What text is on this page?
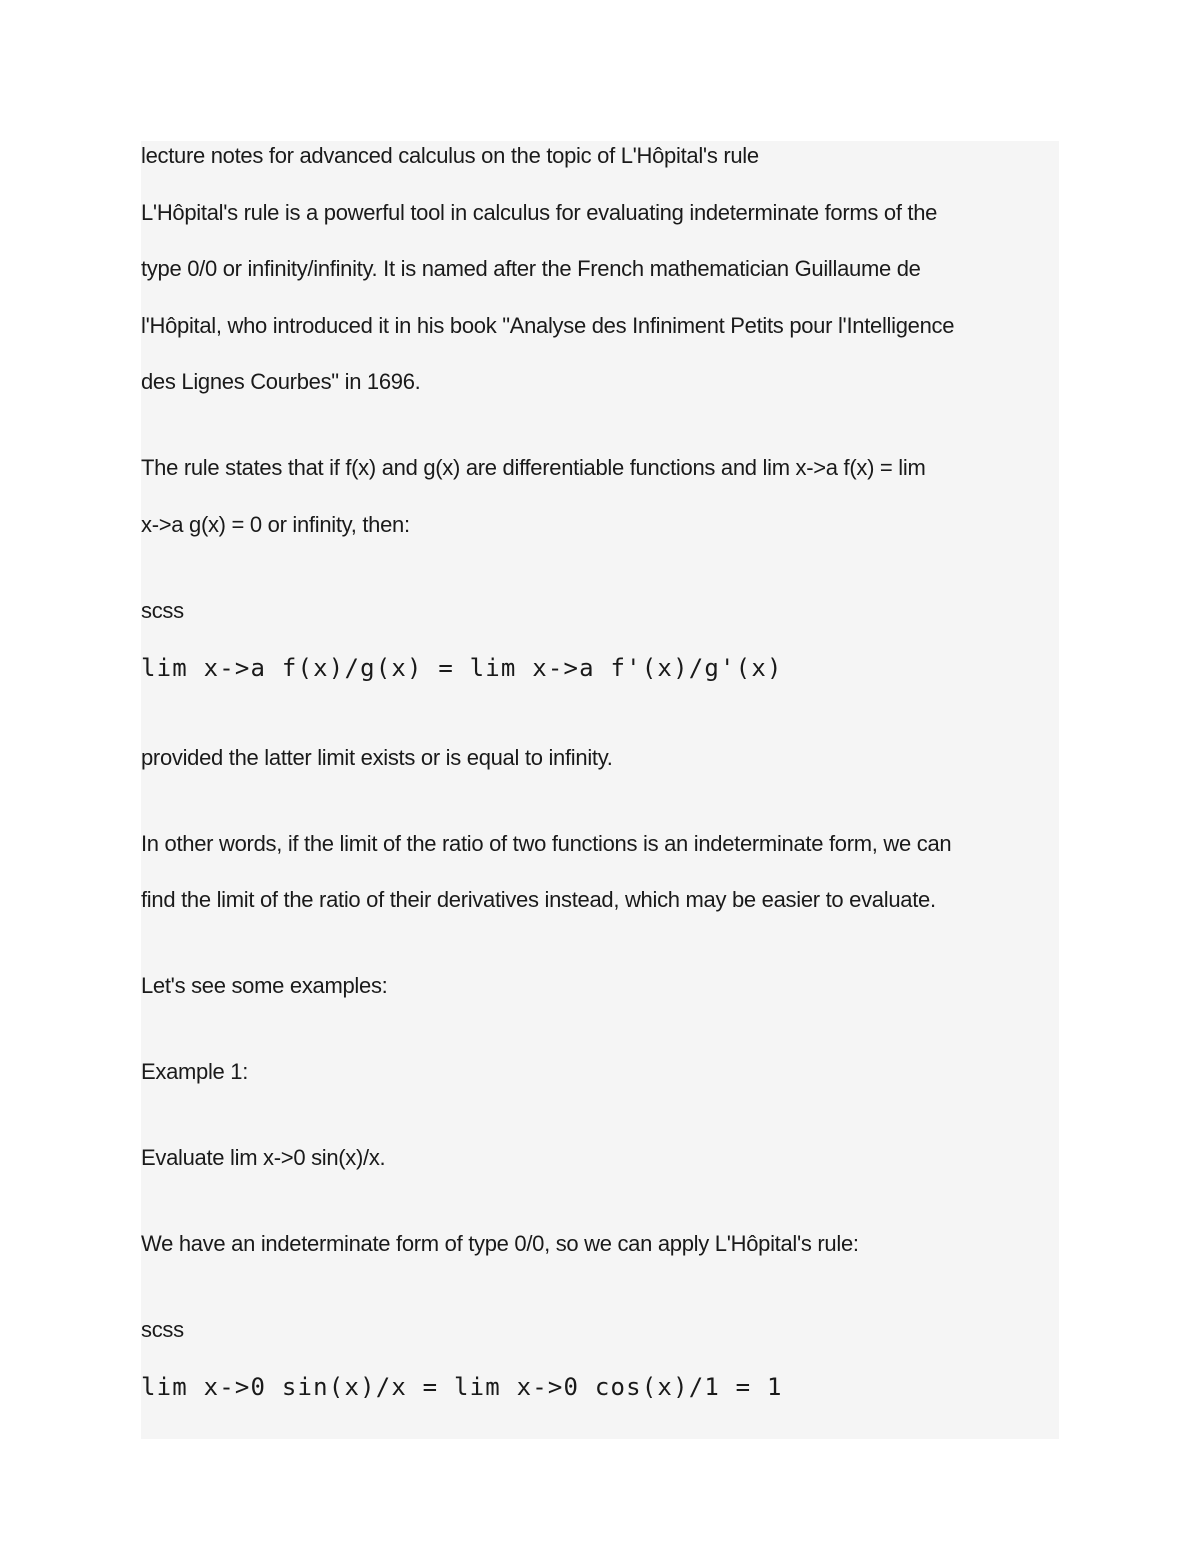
lecture notes for advanced calculus on the topic of L'Hôpital's rule
L'Hôpital's rule is a powerful tool in calculus for evaluating indeterminate forms of the
type 0/0 or infinity/infinity. It is named after the French mathematician Guillaume de
l'Hôpital, who introduced it in his book "Analyse des Infiniment Petits pour l'Intelligence
des Lignes Courbes" in 1696.
The rule states that if f(x) and g(x) are differentiable functions and lim x->a f(x) = lim
x->a g(x) = 0 or infinity, then:
scss
lim x->a f(x)/g(x) = lim x->a f'(x)/g'(x)
provided the latter limit exists or is equal to infinity.
In other words, if the limit of the ratio of two functions is an indeterminate form, we can
find the limit of the ratio of their derivatives instead, which may be easier to evaluate.
Let's see some examples:
Example 1:
Evaluate lim x->0 sin(x)/x.
We have an indeterminate form of type 0/0, so we can apply L'Hôpital's rule:
scss
lim x->0 sin(x)/x = lim x->0 cos(x)/1 = 1
